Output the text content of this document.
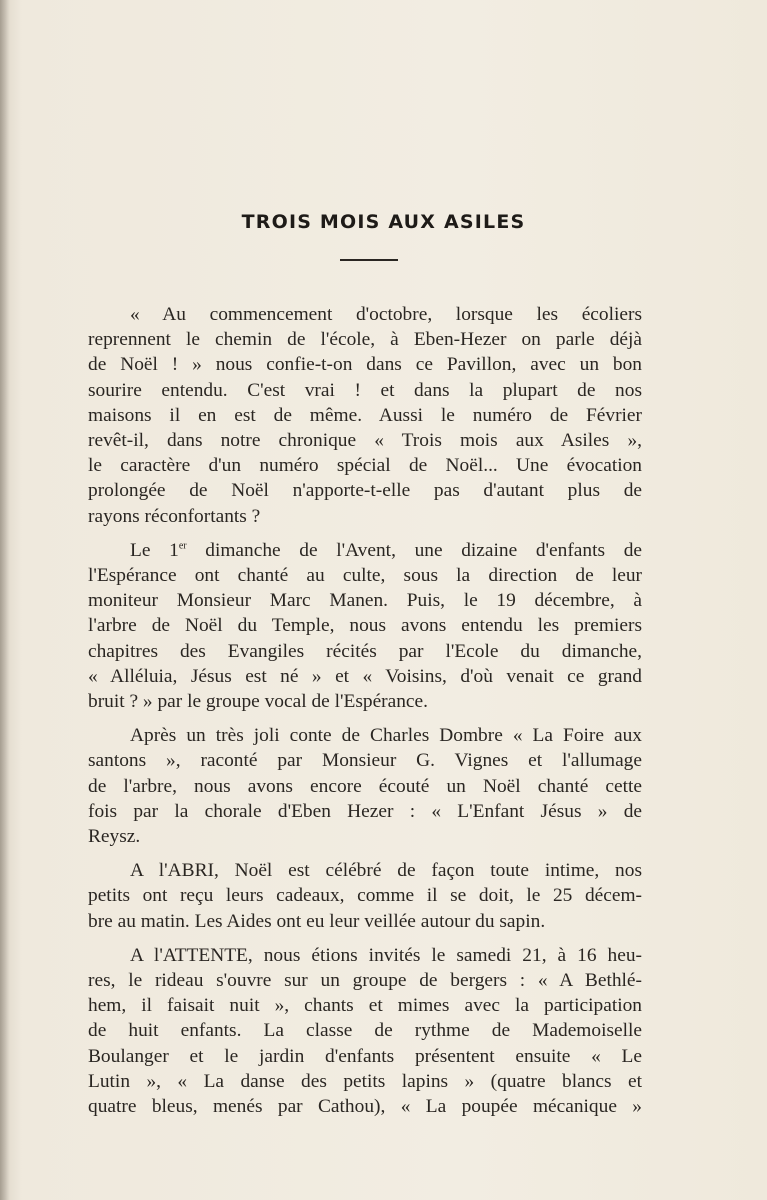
TROIS MOIS AUX ASILES
« Au commencement d'octobre, lorsque les écoliers
reprennent le chemin de l'école, à Eben-Hezer on parle déjà
de Noël ! » nous confie-t-on dans ce Pavillon, avec un bon
sourire entendu. C'est vrai ! et dans la plupart de nos
maisons il en est de même. Aussi le numéro de Février
revêt-il, dans notre chronique « Trois mois aux Asiles »,
le caractère d'un numéro spécial de Noël... Une évocation
prolongée de Noël n'apporte-t-elle pas d'autant plus de
rayons réconfortants ?
Le 1er dimanche de l'Avent, une dizaine d'enfants de
l'Espérance ont chanté au culte, sous la direction de leur
moniteur Monsieur Marc Manen. Puis, le 19 décembre, à
l'arbre de Noël du Temple, nous avons entendu les premiers
chapitres des Evangiles récités par l'Ecole du dimanche,
« Alléluia, Jésus est né » et « Voisins, d'où venait ce grand
bruit ? » par le groupe vocal de l'Espérance.
Après un très joli conte de Charles Dombre « La Foire aux
santons », raconté par Monsieur G. Vignes et l'allumage
de l'arbre, nous avons encore écouté un Noël chanté cette
fois par la chorale d'Eben Hezer : « L'Enfant Jésus » de
Reysz.
A l'ABRI, Noël est célébré de façon toute intime, nos
petits ont reçu leurs cadeaux, comme il se doit, le 25 décem-
bre au matin. Les Aides ont eu leur veillée autour du sapin.
A l'ATTENTE, nous étions invités le samedi 21, à 16 heu-
res, le rideau s'ouvre sur un groupe de bergers : « A Bethlé-
hem, il faisait nuit », chants et mimes avec la participation
de huit enfants. La classe de rythme de Mademoiselle
Boulanger et le jardin d'enfants présentent ensuite « Le
Lutin », « La danse des petits lapins » (quatre blancs et
quatre bleus, menés par Cathou), « La poupée mécanique »
